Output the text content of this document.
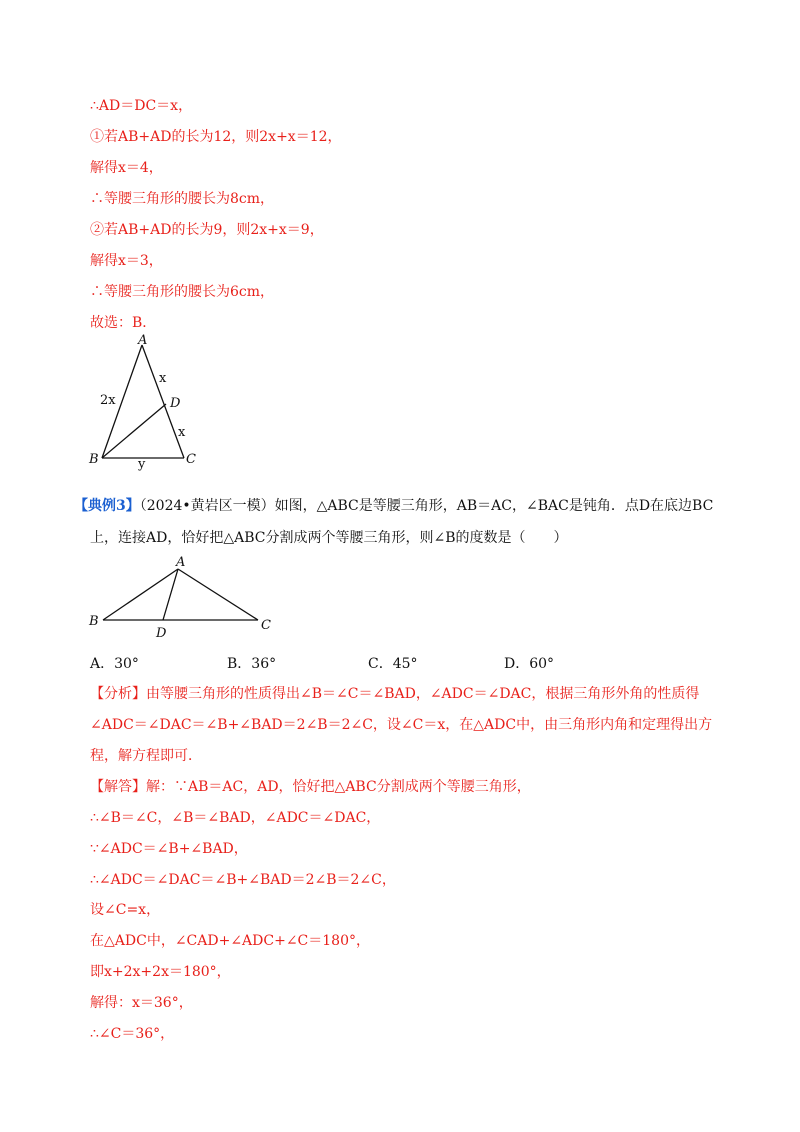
∴AD＝DC＝x，
①若AB+AD的长为12，则2x+x＝12，
解得x＝4，
∴等腰三角形的腰长为8cm，
②若AB+AD的长为9，则2x+x＝9，
解得x＝3，
∴等腰三角形的腰长为6cm，
故选：B．
A
B	C
D
2x
x
x
y
【典例3】（2024•黄岩区一模）如图，△ABC是等腰三角形，AB＝AC，∠BAC是钝角．点D在底边BC
上，连接AD，恰好把△ABC分割成两个等腰三角形，则∠B的度数是（　　）
A
B	C
D
A．30°	B．36°	C．45°	D．60°
【分析】由等腰三角形的性质得出∠B＝∠C＝∠BAD，∠ADC＝∠DAC，根据三角形外角的性质得
∠ADC＝∠DAC＝∠B+∠BAD＝2∠B＝2∠C，设∠C＝x，在△ADC中，由三角形内角和定理得出方
程，解方程即可．
【解答】解：∵AB＝AC，AD，恰好把△ABC分割成两个等腰三角形，
∴∠B＝∠C，∠B＝∠BAD，∠ADC＝∠DAC，
∵∠ADC＝∠B+∠BAD，
∴∠ADC＝∠DAC＝∠B+∠BAD＝2∠B＝2∠C，
设∠C=x，
在△ADC中，∠CAD+∠ADC+∠C＝180°，
即x+2x+2x＝180°，
解得：x＝36°，
∴∠C＝36°，
